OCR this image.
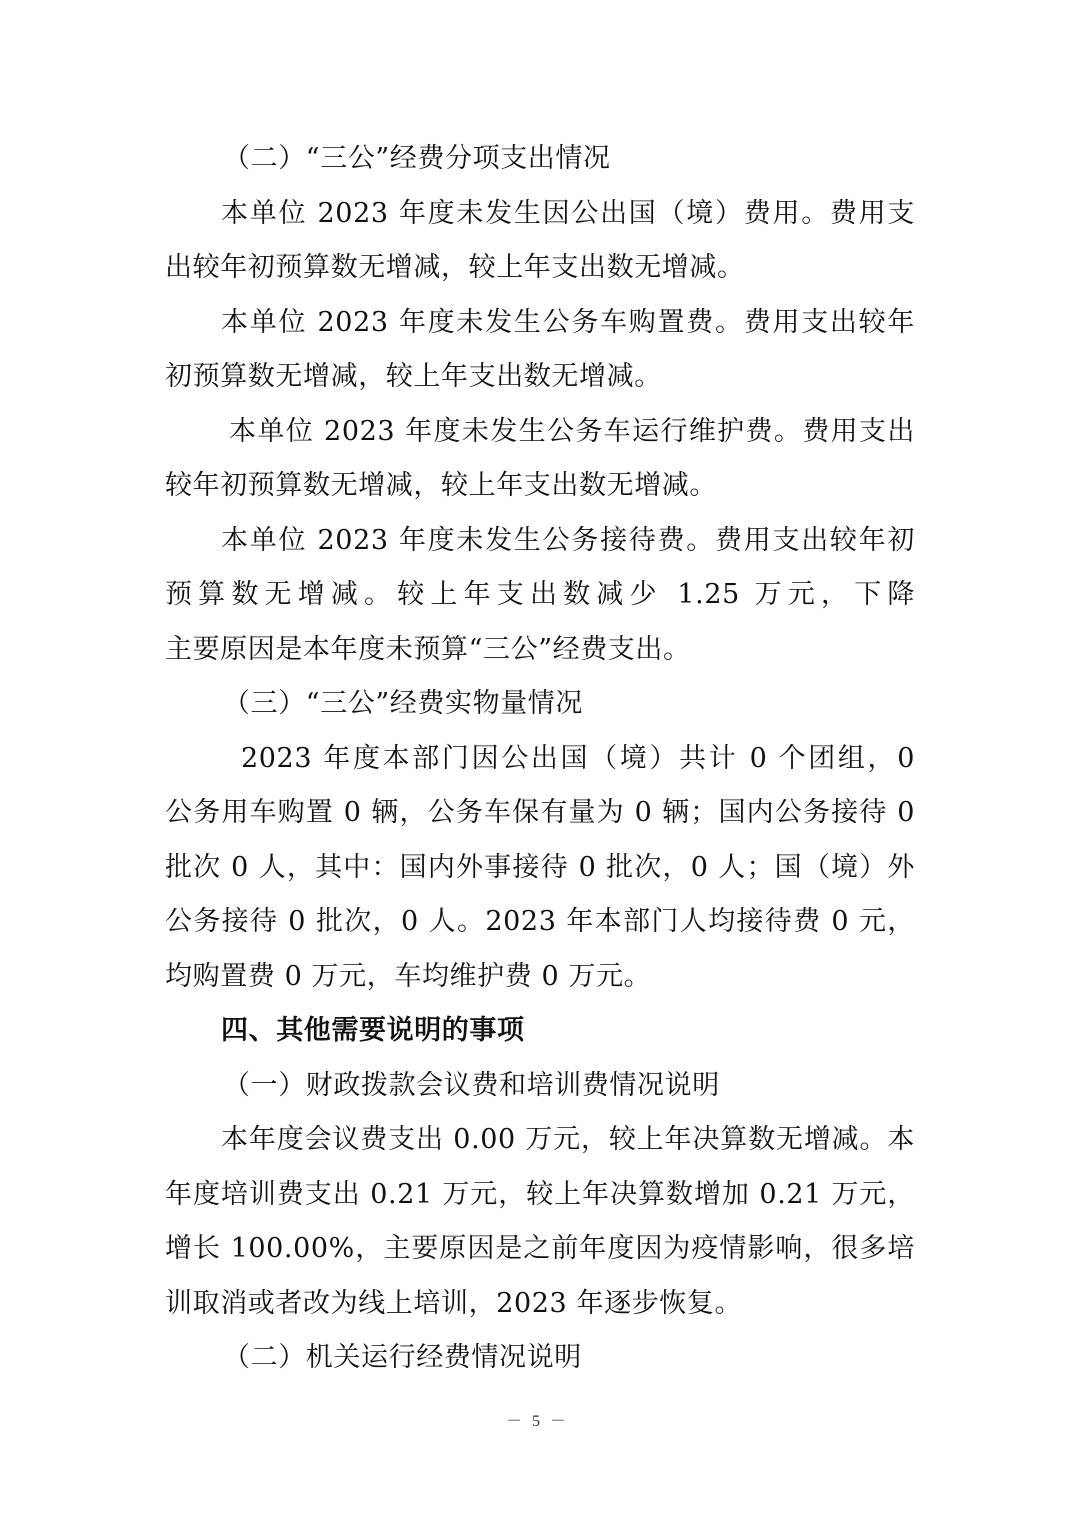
（二）“三公”经费分项支出情况
本单位 2023 年度未发生因公出国（境）费用。费用支
出较年初预算数无增减，较上年支出数无增减。
本单位 2023 年度未发生公务车购置费。费用支出较年
初预算数无增减，较上年支出数无增减。
本单位 2023 年度未发生公务车运行维护费。费用支出
较年初预算数无增减，较上年支出数无增减。
本单位 2023 年度未发生公务接待费。费用支出较年初
预算数无增减。较上年支出数减少 1.25 万元，下降
主要原因是本年度未预算“三公”经费支出。
（三）“三公”经费实物量情况
2023 年度本部门因公出国（境）共计 0 个团组，0
公务用车购置 0 辆，公务车保有量为 0 辆；国内公务接待 0
批次 0 人，其中：国内外事接待 0 批次，0 人；国（境）外
公务接待 0 批次，0 人。2023 年本部门人均接待费 0 元，
均购置费 0 万元，车均维护费 0 万元。
四、其他需要说明的事项
（一）财政拨款会议费和培训费情况说明
本年度会议费支出 0.00 万元，较上年决算数无增减。本
年度培训费支出 0.21 万元，较上年决算数增加 0.21 万元，
增长 100.00%，主要原因是之前年度因为疫情影响，很多培
训取消或者改为线上培训，2023 年逐步恢复。
（二）机关运行经费情况说明
－ 5 －
